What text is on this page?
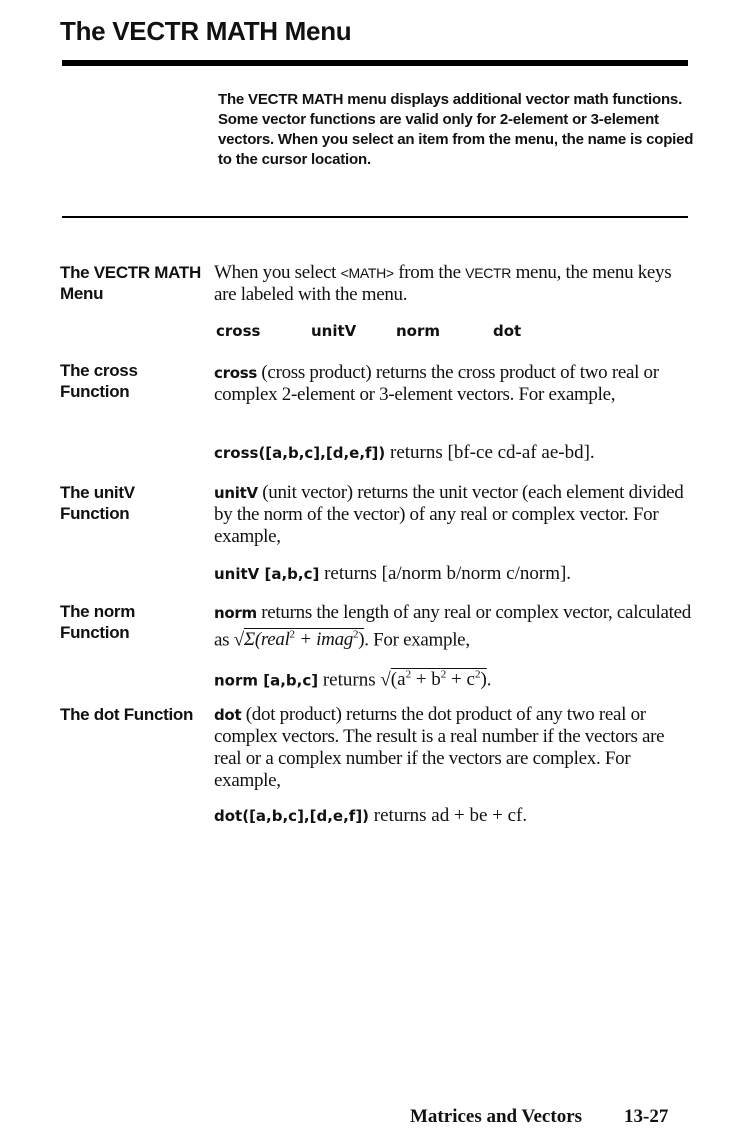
The VECTR MATH Menu
The VECTR MATH menu displays additional vector math functions. Some vector functions are valid only for 2-element or 3-element vectors. When you select an item from the menu, the name is copied to the cursor location.
The VECTR MATH
Menu
When you select <MATH> from the VECTR menu, the menu keys are labeled with the menu.
cross	unitV	norm	dot
The cross
Function
cross (cross product) returns the cross product of two real or complex 2-element or 3-element vectors. For example,
cross([a,b,c],[d,e,f]) returns [bf-ce cd-af ae-bd].
The unitV
Function
unitV (unit vector) returns the unit vector (each element divided by the norm of the vector) of any real or complex vector. For example,
unitV [a,b,c] returns [a/norm b/norm c/norm].
The norm
Function
norm returns the length of any real or complex vector, calculated as √Σ(real$^2$ + imag$^2$). For example,
norm [a,b,c] returns $√(a^2 + b^2 + c^2)$.
The dot Function dot (dot product) returns the dot product of any two real or complex vectors. The result is a real number if the vectors are real or a complex number if the vectors are complex. For example,
dot([a,b,c],[d,e,f]) returns ad + be + cf.
Matrices and Vectors 13-27
